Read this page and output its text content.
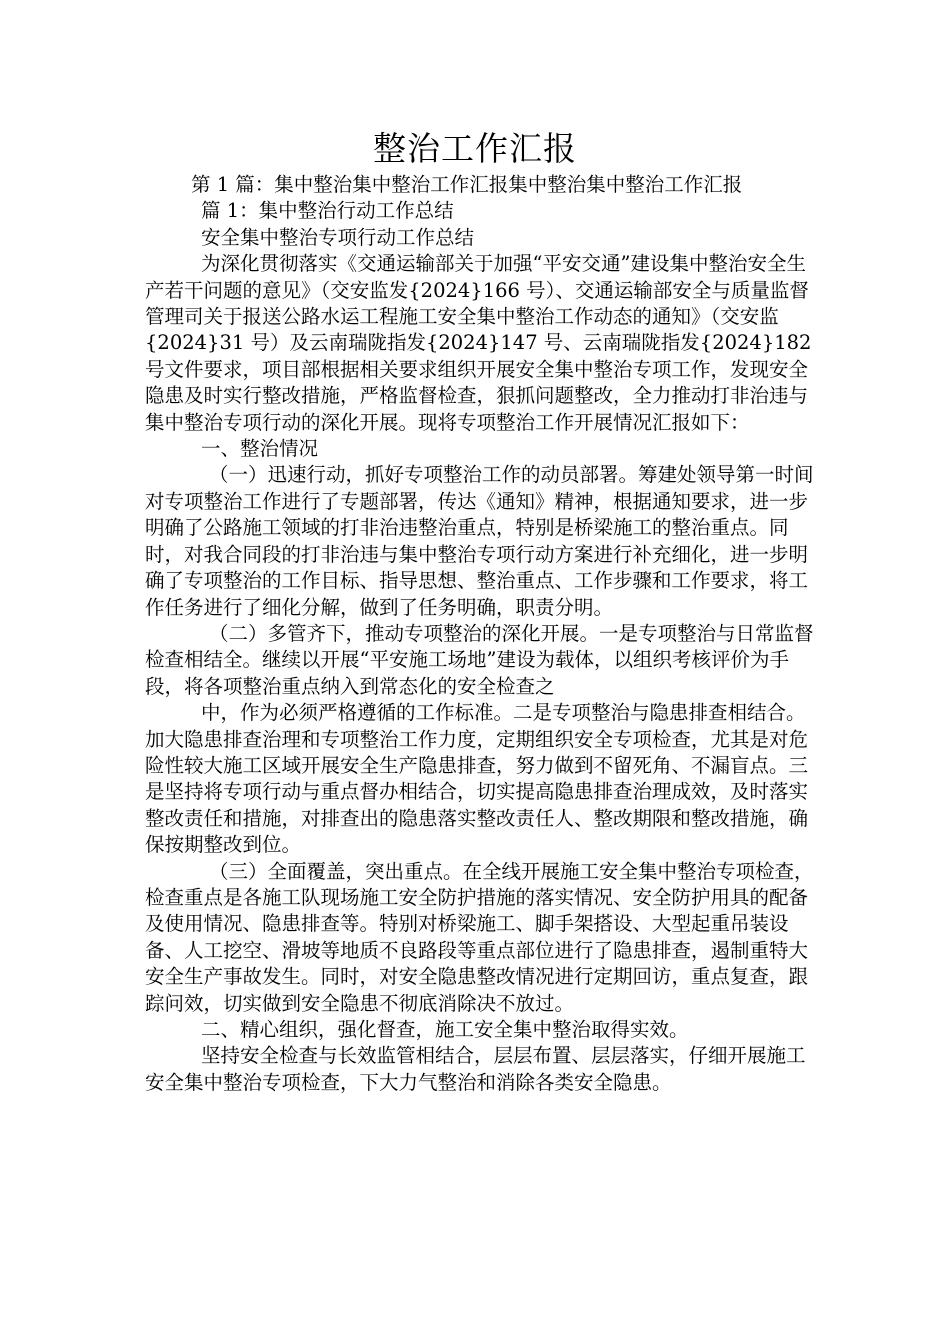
整治工作汇报

第 1 篇：集中整治集中整治工作汇报集中整治集中整治工作汇报

篇 1：集中整治行动工作总结

安全集中整治专项行动工作总结

为深化贯彻落实《交通运输部关于加强“平安交通”建设集中整治安全生产若干问题的意见》（交安监发{2024}166 号）、交通运输部安全与质量监督管理司关于报送公路水运工程施工安全集中整治工作动态的通知》（交安监{2024}31 号）及云南瑞陇指发{2024}147 号、云南瑞陇指发{2024}182 号文件要求，项目部根据相关要求组织开展安全集中整治专项工作，发现安全隐患及时实行整改措施，严格监督检查，狠抓问题整改，全力推动打非治违与集中整治专项行动的深化开展。现将专项整治工作开展情况汇报如下：

一、整治情况

（一）迅速行动，抓好专项整治工作的动员部署。筹建处领导第一时间对专项整治工作进行了专题部署，传达《通知》精神，根据通知要求，进一步明确了公路施工领域的打非治违整治重点，特别是桥梁施工的整治重点。同时，对我合同段的打非治违与集中整治专项行动方案进行补充细化，进一步明确了专项整治的工作目标、指导思想、整治重点、工作步骤和工作要求，将工作任务进行了细化分解，做到了任务明确，职责分明。

（二）多管齐下，推动专项整治的深化开展。一是专项整治与日常监督检查相结全。继续以开展“平安施工场地”建设为载体，以组织考核评价为手段，将各项整治重点纳入到常态化的安全检查之

中，作为必须严格遵循的工作标准。二是专项整治与隐患排查相结合。加大隐患排查治理和专项整治工作力度，定期组织安全专项检查，尤其是对危险性较大施工区域开展安全生产隐患排查，努力做到不留死角、不漏盲点。三是坚持将专项行动与重点督办相结合，切实提高隐患排查治理成效，及时落实整改责任和措施，对排查出的隐患落实整改责任人、整改期限和整改措施，确保按期整改到位。

（三）全面覆盖，突出重点。在全线开展施工安全集中整治专项检查，检查重点是各施工队现场施工安全防护措施的落实情况、安全防护用具的配备及使用情况、隐患排查等。特别对桥梁施工、脚手架搭设、大型起重吊装设备、人工挖空、滑坡等地质不良路段等重点部位进行了隐患排查，遏制重特大安全生产事故发生。同时，对安全隐患整改情况进行定期回访，重点复查，跟踪问效，切实做到安全隐患不彻底消除决不放过。

二、精心组织，强化督查，施工安全集中整治取得实效。

坚持安全检查与长效监管相结合，层层布置、层层落实，仔细开展施工安全集中整治专项检查，下大力气整治和消除各类安全隐患。
